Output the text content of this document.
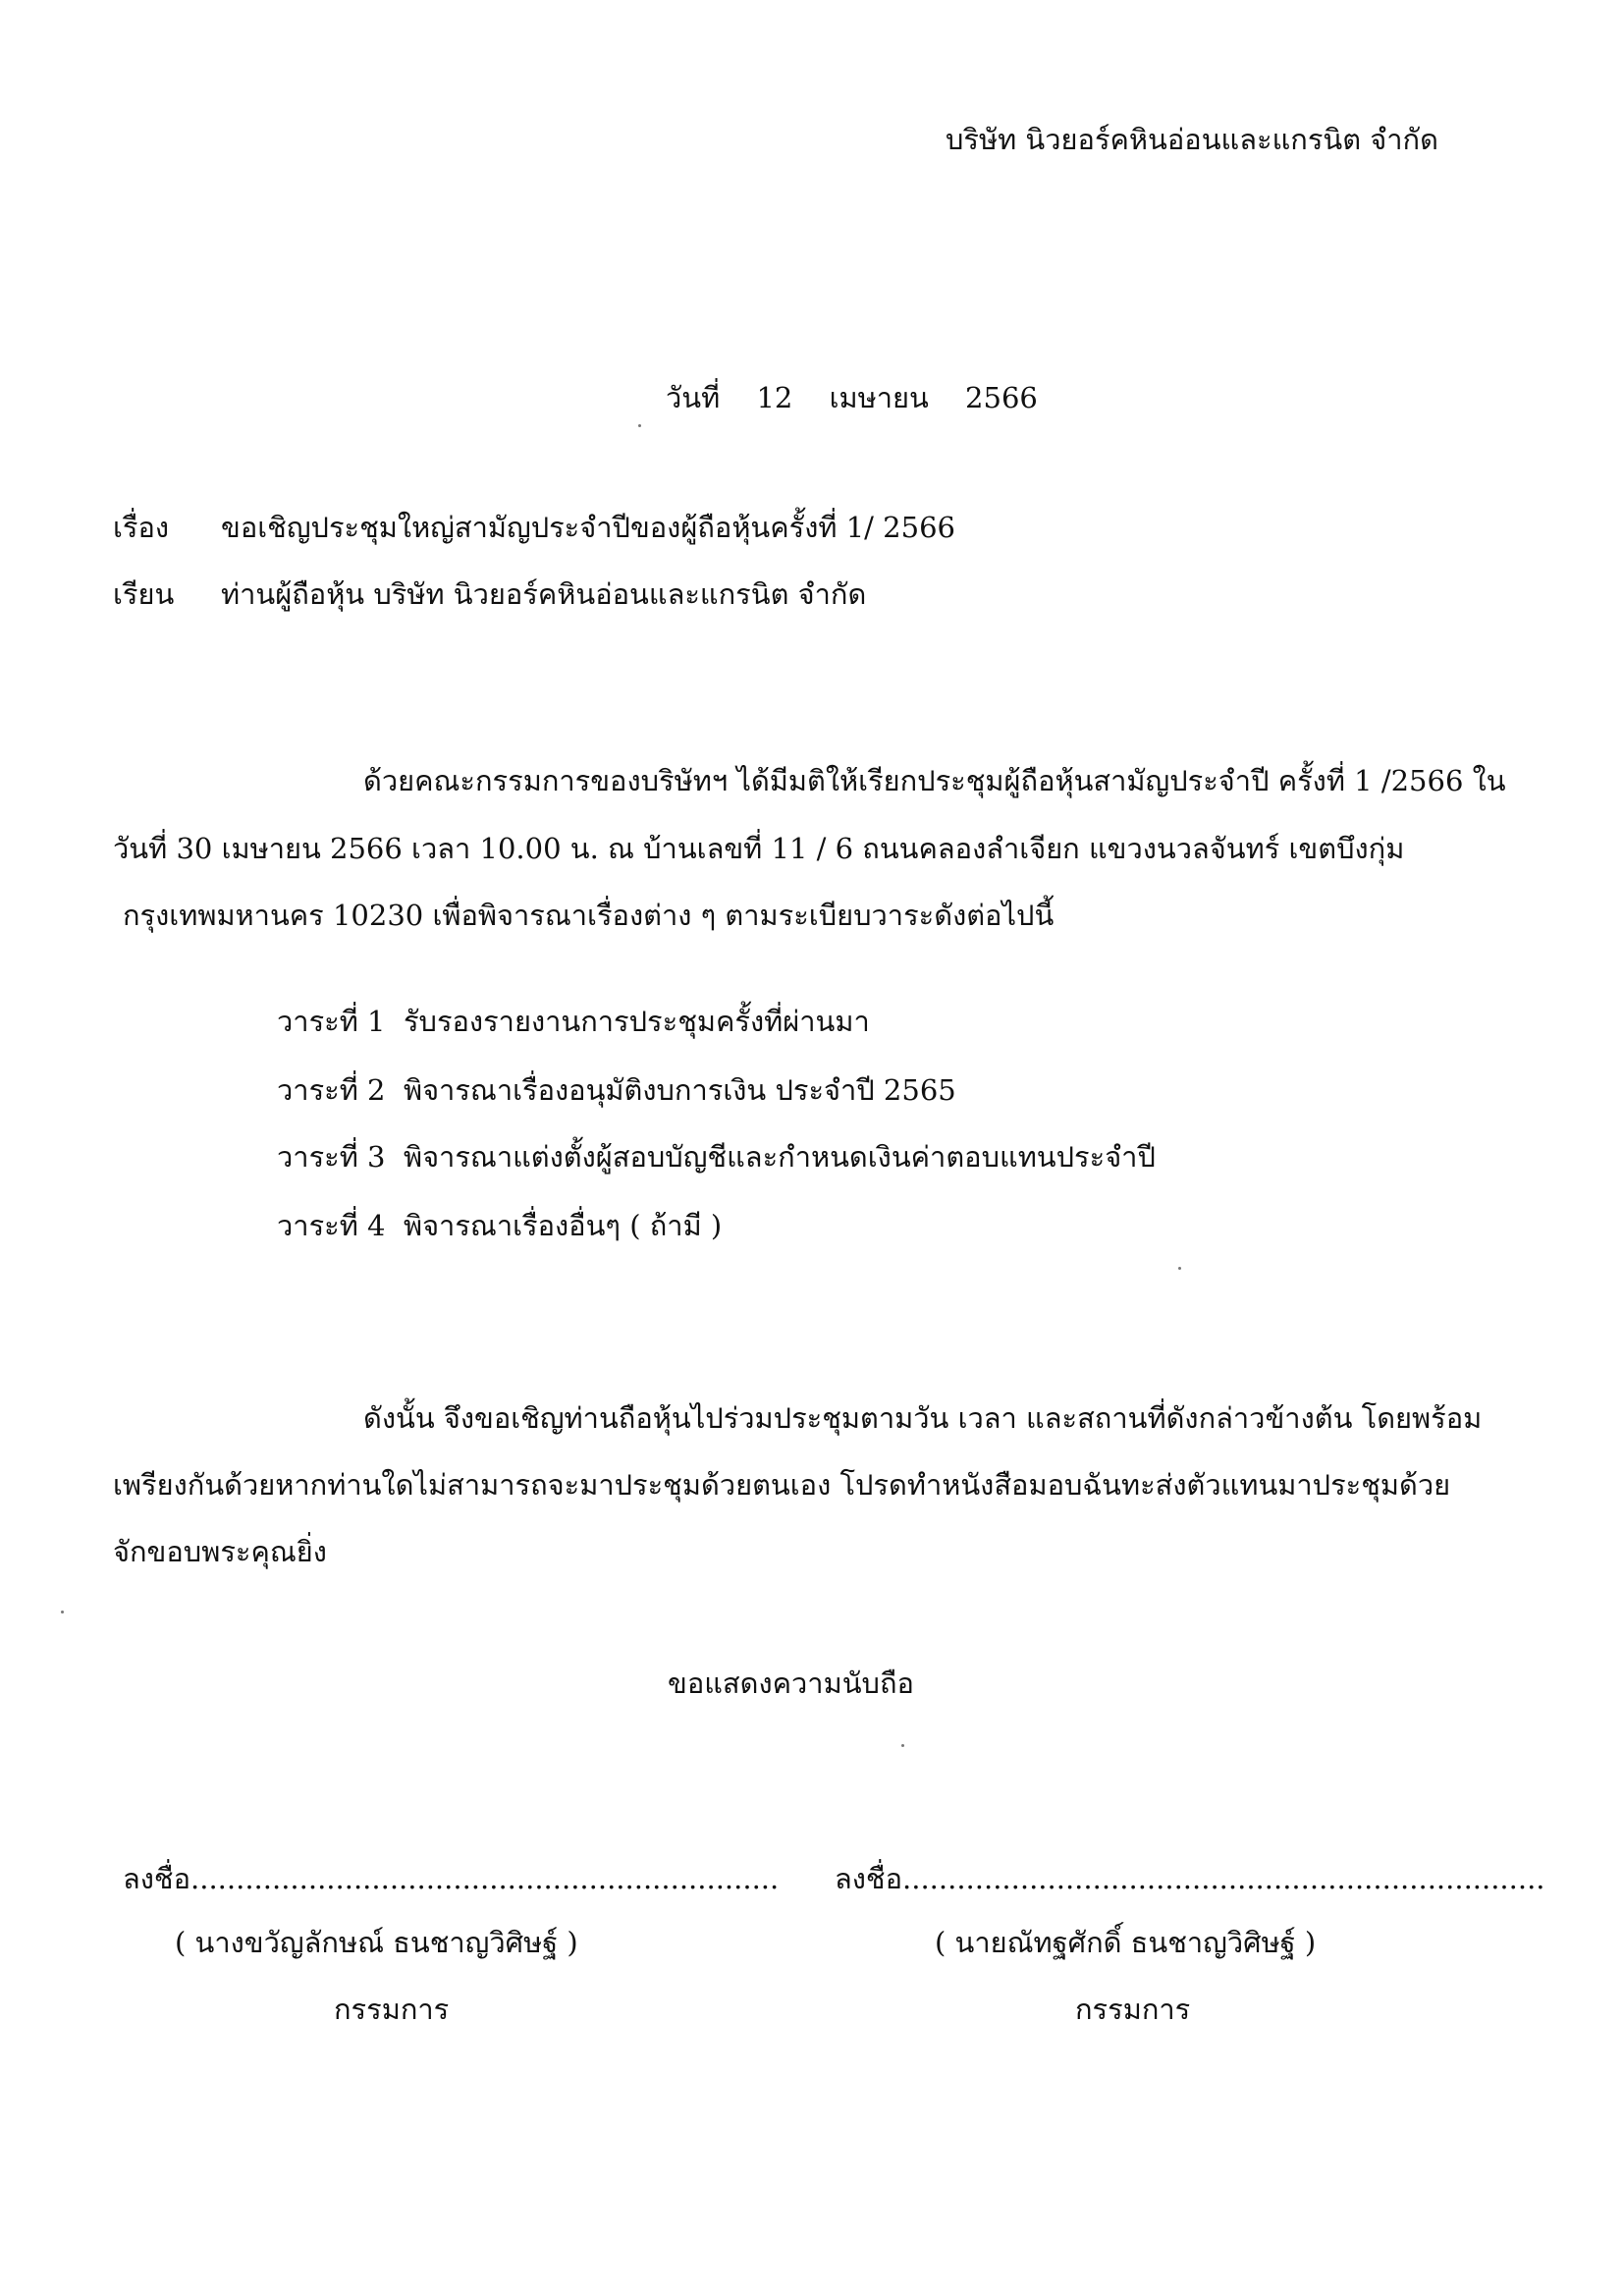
บริษัท นิวยอร์คหินอ่อนและแกรนิต จำกัด
วันที่ 12 เมษายน 2566
เรื่อง ขอเชิญประชุมใหญ่สามัญประจำปีของผู้ถือหุ้นครั้งที่ 1/ 2566
เรียน ท่านผู้ถือหุ้น บริษัท นิวยอร์คหินอ่อนและแกรนิต จำกัด
ด้วยคณะกรรมการของบริษัทฯ ได้มีมติให้เรียกประชุมผู้ถือหุ้นสามัญประจำปี ครั้งที่ 1 /2566 ใน
วันที่ 30 เมษายน 2566 เวลา 10.00 น. ณ บ้านเลขที่ 11 / 6 ถนนคลองลำเจียก แขวงนวลจันทร์ เขตบึงกุ่ม
กรุงเทพมหานคร 10230 เพื่อพิจารณาเรื่องต่าง ๆ ตามระเบียบวาระดังต่อไปนี้
วาระที่ 1 รับรองรายงานการประชุมครั้งที่ผ่านมา
วาระที่ 2 พิจารณาเรื่องอนุมัติงบการเงิน ประจำปี 2565
วาระที่ 3 พิจารณาแต่งตั้งผู้สอบบัญชีและกำหนดเงินค่าตอบแทนประจำปี
วาระที่ 4 พิจารณาเรื่องอื่นๆ ( ถ้ามี )
ดังนั้น จึงขอเชิญท่านถือหุ้นไปร่วมประชุมตามวัน เวลา และสถานที่ดังกล่าวข้างต้น โดยพร้อม
เพรียงกันด้วยหากท่านใดไม่สามารถจะมาประชุมด้วยตนเอง โปรดทำหนังสือมอบฉันทะส่งตัวแทนมาประชุมด้วย
จักขอบพระคุณยิ่ง
ขอแสดงความนับถือ
ลงชื่อ.................................................................
( นางขวัญลักษณ์ ธนชาญวิศิษฐ์ )
กรรมการ
ลงชื่อ.......................................................................
( นายณัทฐศักดิ์ ธนชาญวิศิษฐ์ )
กรรมการ
